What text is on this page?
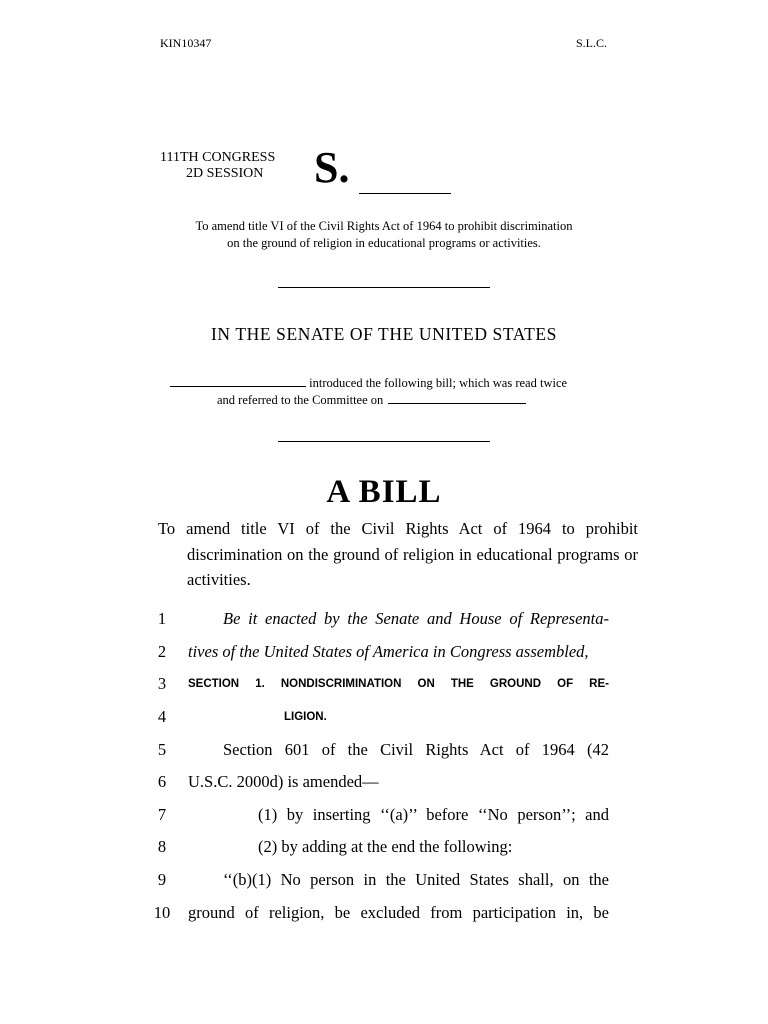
KIN10347	S.L.C.
111TH CONGRESS
2D SESSION S.
To amend title VI of the Civil Rights Act of 1964 to prohibit discrimination
on the ground of religion in educational programs or activities.
IN THE SENATE OF THE UNITED STATES
introduced the following bill; which was read twice
and referred to the Committee on
A BILL
To amend title VI of the Civil Rights Act of 1964 to prohibit discrimination on the ground of religion in educational programs or activities.
1	Be it enacted by the Senate and House of Representa-
2	tives of the United States of America in Congress assembled,
3	SECTION 1. NONDISCRIMINATION ON THE GROUND OF RE-
4	LIGION.
5	Section 601 of the Civil Rights Act of 1964 (42
6	U.S.C. 2000d) is amended—
7	(1) by inserting ‘‘(a)’’ before ‘‘No person’’; and
8	(2) by adding at the end the following:
9	‘‘(b)(1) No person in the United States shall, on the
10	ground of religion, be excluded from participation in, be
